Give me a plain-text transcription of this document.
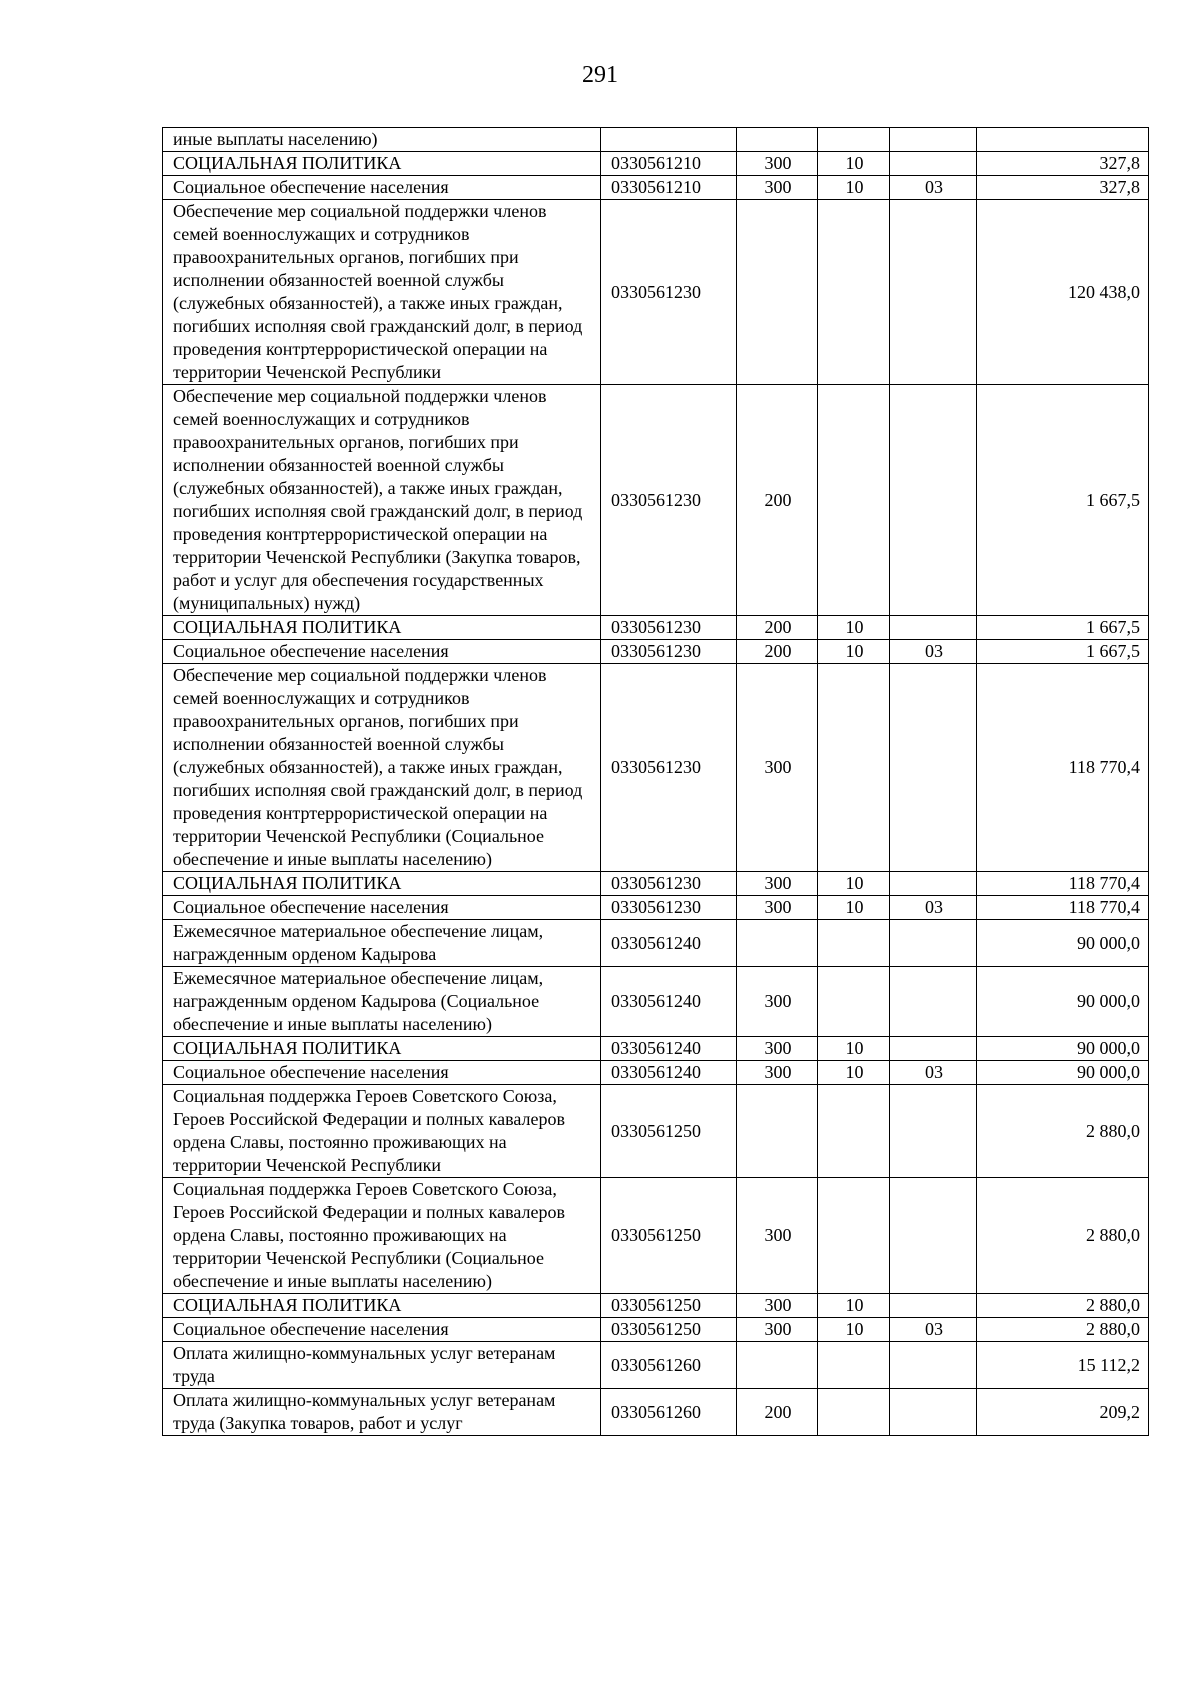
291
иные выплаты населению)					
СОЦИАЛЬНАЯ ПОЛИТИКА	0330561210	300	10		327,8
Социальное обеспечение населения	0330561210	300	10	03	327,8
Обеспечение мер социальной поддержки членов семей военнослужащих и сотрудников правоохранительных органов, погибших при исполнении обязанностей военной службы (служебных обязанностей), а также иных граждан, погибших исполняя свой гражданский долг, в период проведения контртеррористической операции на территории Чеченской Республики	0330561230				120 438,0
Обеспечение мер социальной поддержки членов семей военнослужащих и сотрудников правоохранительных органов, погибших при исполнении обязанностей военной службы (служебных обязанностей), а также иных граждан, погибших исполняя свой гражданский долг, в период проведения контртеррористической операции на территории Чеченской Республики (Закупка товаров, работ и услуг для обеспечения государственных (муниципальных) нужд)	0330561230	200			1 667,5
СОЦИАЛЬНАЯ ПОЛИТИКА	0330561230	200	10		1 667,5
Социальное обеспечение населения	0330561230	200	10	03	1 667,5
Обеспечение мер социальной поддержки членов семей военнослужащих и сотрудников правоохранительных органов, погибших при исполнении обязанностей военной службы (служебных обязанностей), а также иных граждан, погибших исполняя свой гражданский долг, в период проведения контртеррористической операции на территории Чеченской Республики (Социальное обеспечение и иные выплаты населению)	0330561230	300			118 770,4
СОЦИАЛЬНАЯ ПОЛИТИКА	0330561230	300	10		118 770,4
Социальное обеспечение населения	0330561230	300	10	03	118 770,4
Ежемесячное материальное обеспечение лицам, награжденным орденом Кадырова	0330561240				90 000,0
Ежемесячное материальное обеспечение лицам, награжденным орденом Кадырова (Социальное обеспечение и иные выплаты населению)	0330561240	300			90 000,0
СОЦИАЛЬНАЯ ПОЛИТИКА	0330561240	300	10		90 000,0
Социальное обеспечение населения	0330561240	300	10	03	90 000,0
Социальная поддержка Героев Советского Союза, Героев Российской Федерации и полных кавалеров ордена Славы, постоянно проживающих на территории Чеченской Республики	0330561250				2 880,0
Социальная поддержка Героев Советского Союза, Героев Российской Федерации и полных кавалеров ордена Славы, постоянно проживающих на территории Чеченской Республики (Социальное обеспечение и иные выплаты населению)	0330561250	300			2 880,0
СОЦИАЛЬНАЯ ПОЛИТИКА	0330561250	300	10		2 880,0
Социальное обеспечение населения	0330561250	300	10	03	2 880,0
Оплата жилищно-коммунальных услуг ветеранам труда	0330561260				15 112,2
Оплата жилищно-коммунальных услуг ветеранам труда (Закупка товаров, работ и услуг	0330561260	200			209,2
